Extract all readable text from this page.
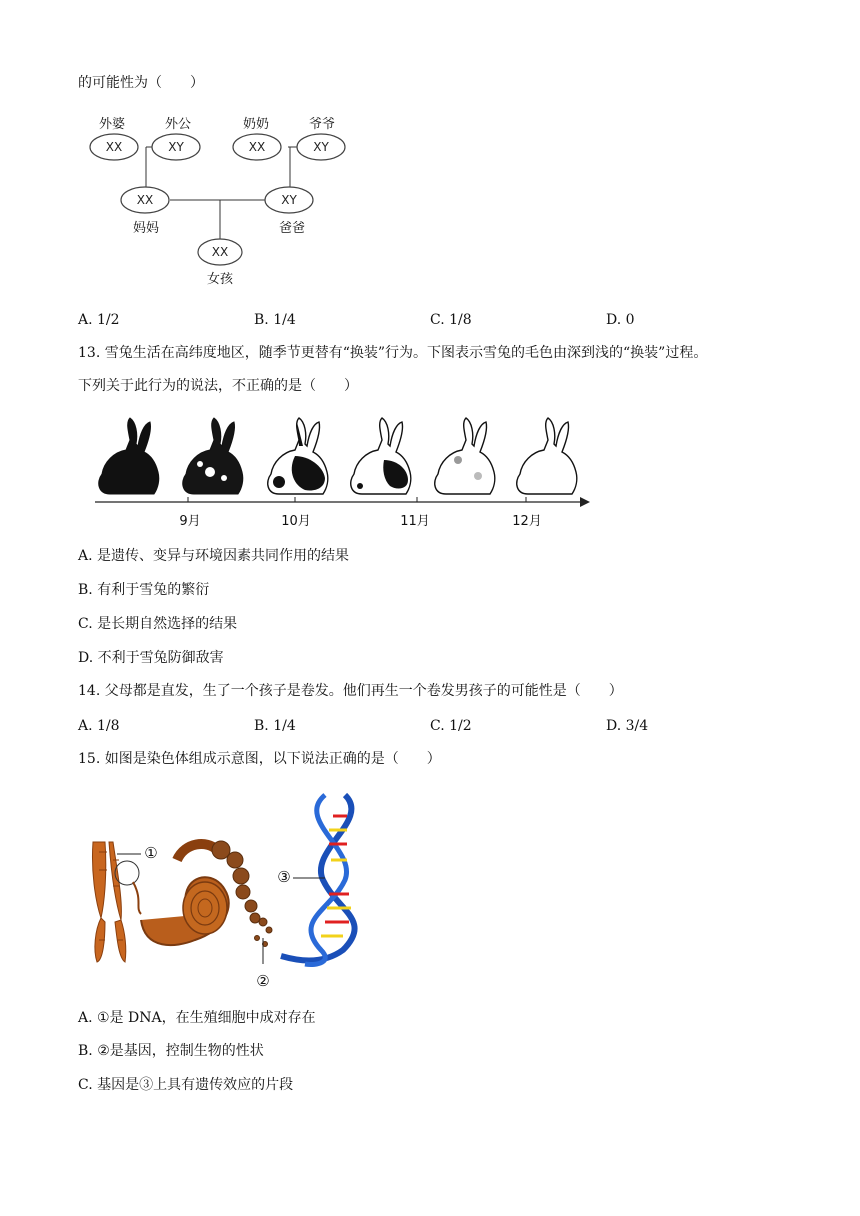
的可能性为（　　）
XX	XY	XX	XY
XX	XY
XX
外婆	外公	奶奶	爷爷
妈妈	爸爸
女孩
A. 1/2	B. 1/4	C. 1/8	D. 0
13. 雪兔生活在高纬度地区，随季节更替有“换装”行为。下图表示雪兔的毛色由深到浅的“换装”过程。
下列关于此行为的说法，不正确的是（　　）
9月	10月	11月	12月
A. 是遗传、变异与环境因素共同作用的结果
B. 有利于雪兔的繁衍
C. 是长期自然选择的结果
D. 不利于雪兔防御敌害
14. 父母都是直发，生了一个孩子是卷发。他们再生一个卷发男孩子的可能性是（　　）
A. 1/8	B. 1/4	C. 1/2	D. 3/4
15. 如图是染色体组成示意图，以下说法正确的是（　　）
①
②
③
A. ①是 DNA，在生殖细胞中成对存在
B. ②是基因，控制生物的性状
C. 基因是③上具有遗传效应的片段
